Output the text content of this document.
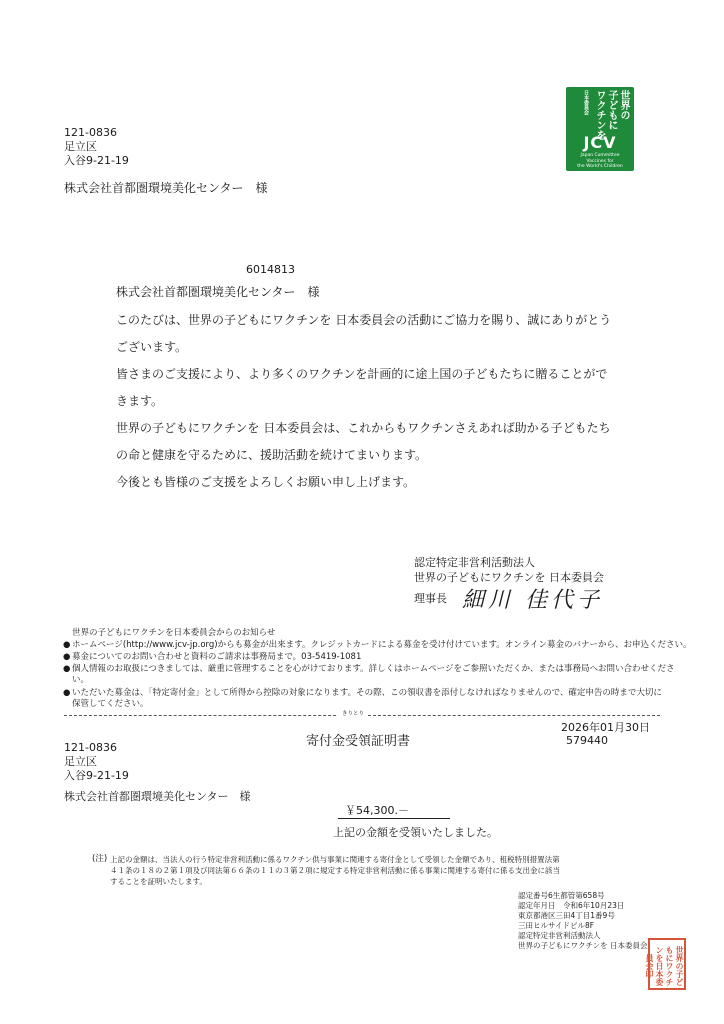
121-0836
足立区
入谷9-21-19
株式会社首都圏環境美化センター　様
世界の
子どもに
ワクチンを
日本委員会
JCV
Japan Committee
Vaccines for
the World's Children
6014813
株式会社首都圏環境美化センター　様
このたびは、世界の子どもにワクチンを 日本委員会の活動にご協力を賜り、誠にありがとう
ございます。
皆さまのご支援により、より多くのワクチンを計画的に途上国の子どもたちに贈ることがで
きます。
世界の子どもにワクチンを 日本委員会は、これからもワクチンさえあれば助かる子どもたち
の命と健康を守るために、援助活動を続けてまいります。
今後とも皆様のご支援をよろしくお願い申し上げます。
認定特定非営利活動法人
世界の子どもにワクチンを 日本委員会
理事長 細川 佳代子
世界の子どもにワクチンを日本委員会からのお知らせ
● ホームページ(http://www.jcv-jp.org)からも募金が出来ます。クレジットカードによる募金を受け付けています。オンライン募金のバナーから、お申込ください。
● 募金についてのお問い合わせと資料のご請求は事務局まで。03-5419-1081
● 個人情報のお取扱につきましては、厳重に管理することを心がけております。詳しくはホームページをご参照いただくか、または事務局へお問い合わせくださ
い。
● いただいた募金は、「特定寄付金」として所得から控除の対象になります。その際、この領収書を添付しなければなりませんので、確定申告の時まで大切に
保管してください。
きりとり
2026年01月30日
579440
寄付金受領証明書
121-0836
足立区
入谷9-21-19
株式会社首都圏環境美化センター　様
￥54,300.－
上記の金額を受領いたしました。
(注) 上記の金額は、当法人の行う特定非営利活動に係るワクチン供与事業に関連する寄付金として受領した金額であり、租税特別措置法第
４１条の１８の２第１項及び同法第６６条の１１の３第２項に規定する特定非営利活動に係る事業に関連する寄付に係る支出金に該当
することを証明いたします。
認定番号6生都管第658号
認定年月日　令和6年10月23日
東京都港区三田4丁目1番9号
三田ヒルサイドビル8F
認定特定非営利活動法人
世界の子どもにワクチンを 日本委員会	世界の子どもにワクチンを日本委員会印
